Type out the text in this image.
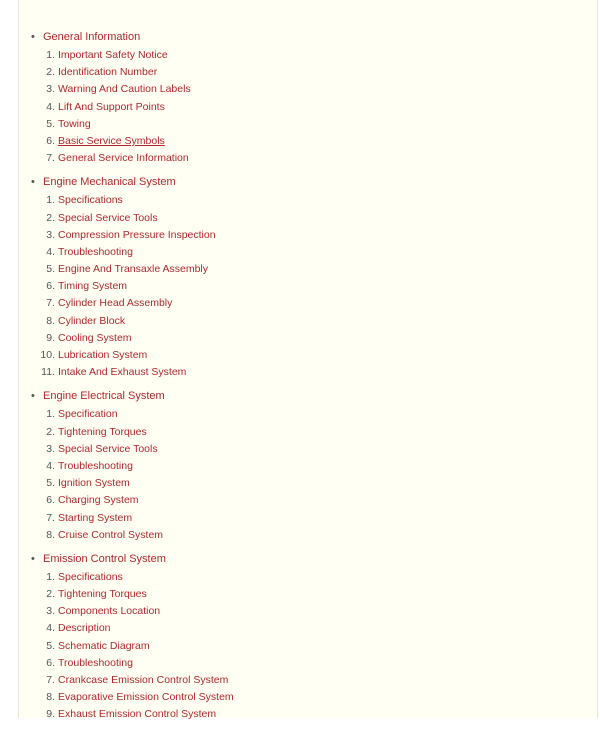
• General Information
1. Important Safety Notice
2. Identification Number
3. Warning And Caution Labels
4. Lift And Support Points
5. Towing
6. Basic Service Symbols
7. General Service Information
• Engine Mechanical System
1. Specifications
2. Special Service Tools
3. Compression Pressure Inspection
4. Troubleshooting
5. Engine And Transaxle Assembly
6. Timing System
7. Cylinder Head Assembly
8. Cylinder Block
9. Cooling System
10. Lubrication System
11. Intake And Exhaust System
• Engine Electrical System
1. Specification
2. Tightening Torques
3. Special Service Tools
4. Troubleshooting
5. Ignition System
6. Charging System
7. Starting System
8. Cruise Control System
• Emission Control System
1. Specifications
2. Tightening Torques
3. Components Location
4. Description
5. Schematic Diagram
6. Troubleshooting
7. Crankcase Emission Control System
8. Evaporative Emission Control System
9. Exhaust Emission Control System
